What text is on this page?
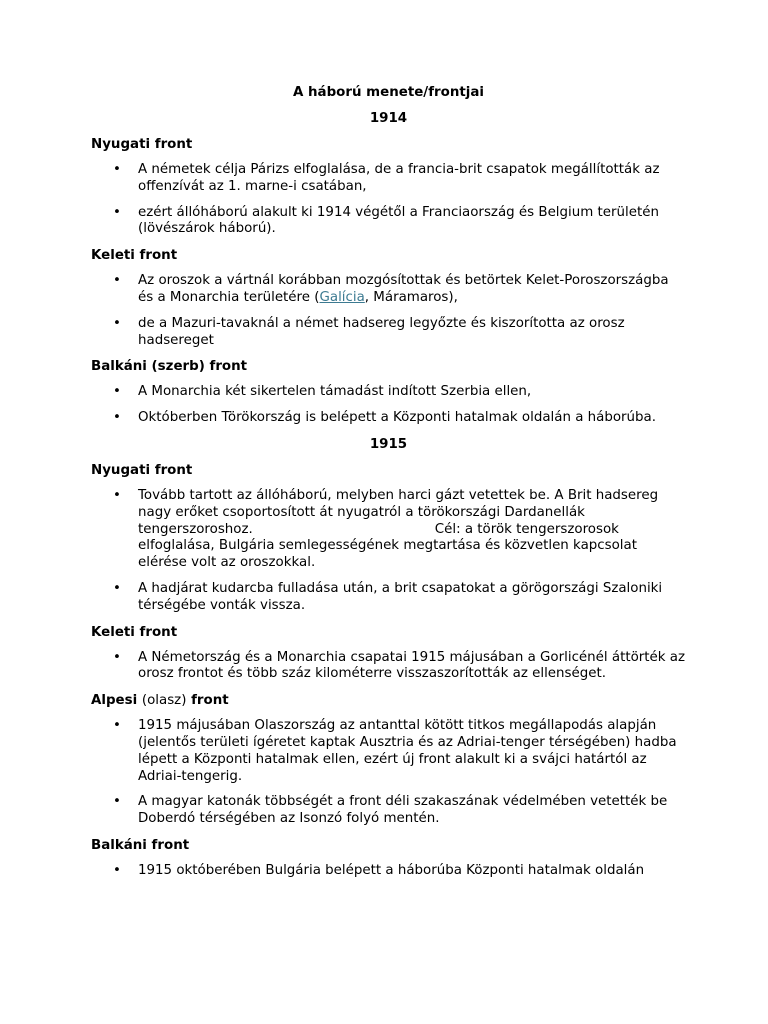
A háború menete/frontjai

1914

Nyugati front

• A németek célja Párizs elfoglalása, de a francia-brit csapatok megállították az offenzívát az 1. marne-i csatában,
• ezért állóháború alakult ki 1914 végétől a Franciaország és Belgium területén (lövészárok háború).

Keleti front

• Az oroszok a vártnál korábban mozgósítottak és betörtek Kelet-Poroszországba és a Monarchia területére (Galícia, Máramaros),
• de a Mazuri-tavaknál a német hadsereg legyőzte és kiszorította az orosz hadsereget

Balkáni (szerb) front

• A Monarchia két sikertelen támadást indított Szerbia ellen,
• Októberben Törökország is belépett a Központi hatalmak oldalán a háborúba.

1915

Nyugati front

• Tovább tartott az állóháború, melyben harci gázt vetettek be. A Brit hadsereg nagy erőket csoportosított át nyugatról a törökországi Dardanellák tengerszoroshoz.	Cél: a török tengerszorosok elfoglalása, Bulgária semlegességének megtartása és közvetlen kapcsolat elérése volt az oroszokkal.
• A hadjárat kudarcba fulladása után, a brit csapatokat a görögországi Szaloniki térségébe vonták vissza.

Keleti front

• A Németország és a Monarchia csapatai 1915 májusában a Gorlicénél áttörték az orosz frontot és több száz kilométerre visszaszorították az ellenséget.

Alpesi (olasz) front

• 1915 májusában Olaszország az antanttal kötött titkos megállapodás alapján (jelentős területi ígéretet kaptak Ausztria és az Adriai-tenger térségében) hadba lépett a Központi hatalmak ellen, ezért új front alakult ki a svájci határtól az Adriai-tengerig.
• A magyar katonák többségét a front déli szakaszának védelmében vetették be Doberdó térségében az Isonzó folyó mentén.

Balkáni front

• 1915 októberében Bulgária belépett a háborúba Központi hatalmak oldalán
